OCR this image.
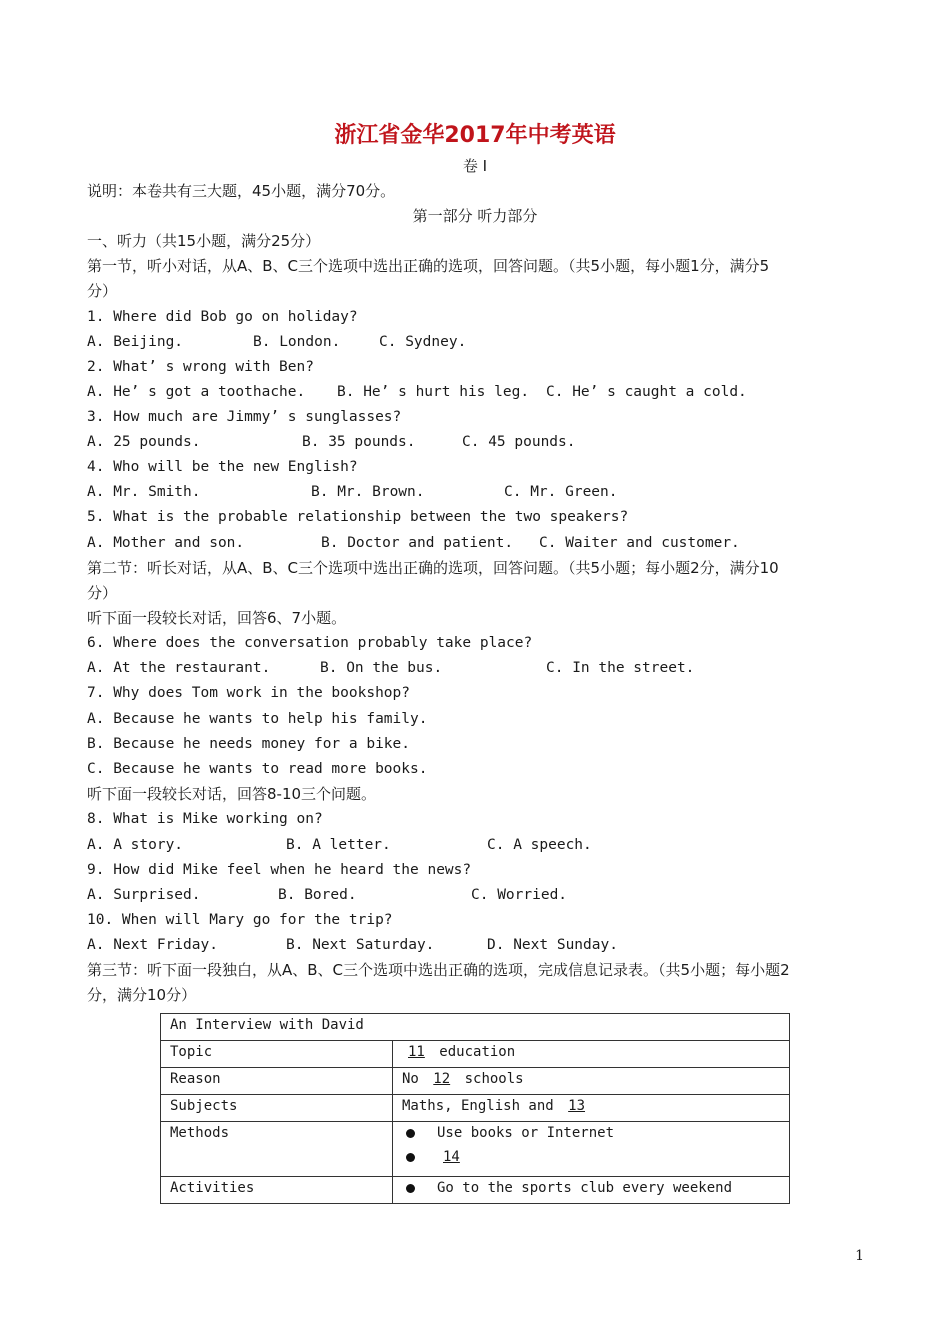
浙江省金华2017年中考英语
卷 I
说明：本卷共有三大题，45小题，满分70分。
第一部分 听力部分
一、听力（共15小题，满分25分）
第一节，听小对话，从A、B、C三个选项中选出正确的选项，回答问题。（共5小题，每小题1分，满分5
分）
1. Where did Bob go on holiday?
A. Beijing.	B. London.	C. Sydney.
2. What’ s wrong with Ben?
A. He’ s got a toothache. B. He’ s hurt his leg. C. He’ s caught a cold.
3. How much are Jimmy’ s sunglasses?
A. 25 pounds.	B. 35 pounds.	C. 45 pounds.
4. Who will be the new English?
A. Mr. Smith.	B. Mr. Brown.	C. Mr. Green.
5. What is the probable relationship between the two speakers?
A. Mother and son.	B. Doctor and patient. C. Waiter and customer.
第二节：听长对话，从A、B、C三个选项中选出正确的选项，回答问题。（共5小题；每小题2分，满分10
分）
听下面一段较长对话，回答6、7小题。
6. Where does the conversation probably take place?
A. At the restaurant.	B. On the bus.	C. In the street.
7. Why does Tom work in the bookshop?
A. Because he wants to help his family.
B. Because he needs money for a bike.
C. Because he wants to read more books.
听下面一段较长对话，回答8-10三个问题。
8. What is Mike working on?
A. A story.	B. A letter.	C. A speech.
9. How did Mike feel when he heard the news?
A. Surprised.	B. Bored.	C. Worried.
10. When will Mary go for the trip?
A. Next Friday.	B. Next Saturday.	D. Next Sunday.
第三节：听下面一段独白，从A、B、C三个选项中选出正确的选项，完成信息记录表。（共5小题；每小题2
分，满分10分）
An Interview with David	
Topic	11 education
Reason	No 12 schools
Subjects	Maths, English and 13
Methods	Use books or Internet
14

Activities	Go to the sports club every weekend
1
